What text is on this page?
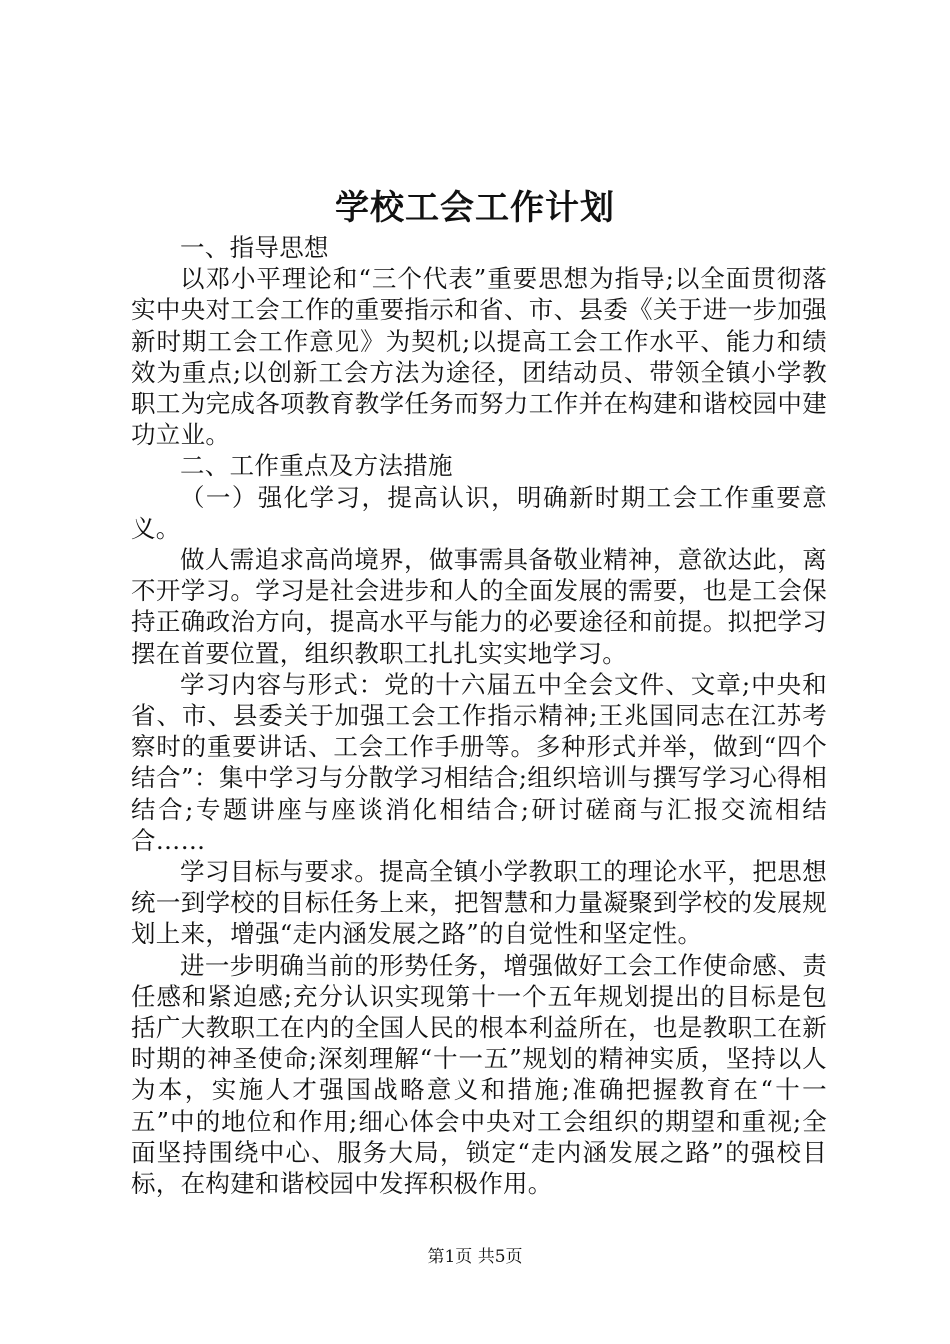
学校工会工作计划

一、指导思想

以邓小平理论和“三个代表”重要思想为指导;以全面贯彻落实中央对工会工作的重要指示和省、市、县委《关于进一步加强新时期工会工作意见》为契机;以提高工会工作水平、能力和绩效为重点;以创新工会方法为途径，团结动员、带领全镇小学教职工为完成各项教育教学任务而努力工作并在构建和谐校园中建功立业。

二、工作重点及方法措施

（一）强化学习，提高认识，明确新时期工会工作重要意义。

做人需追求高尚境界，做事需具备敬业精神，意欲达此，离不开学习。学习是社会进步和人的全面发展的需要，也是工会保持正确政治方向，提高水平与能力的必要途径和前提。拟把学习摆在首要位置，组织教职工扎扎实实地学习。

学习内容与形式：党的十六届五中全会文件、文章;中央和省、市、县委关于加强工会工作指示精神;王兆国同志在江苏考察时的重要讲话、工会工作手册等。多种形式并举，做到“四个结合”：集中学习与分散学习相结合;组织培训与撰写学习心得相结合;专题讲座与座谈消化相结合;研讨磋商与汇报交流相结合……

学习目标与要求。提高全镇小学教职工的理论水平，把思想统一到学校的目标任务上来，把智慧和力量凝聚到学校的发展规划上来，增强“走内涵发展之路”的自觉性和坚定性。

进一步明确当前的形势任务，增强做好工会工作使命感、责任感和紧迫感;充分认识实现第十一个五年规划提出的目标是包括广大教职工在内的全国人民的根本利益所在，也是教职工在新时期的神圣使命;深刻理解“十一五”规划的精神实质，坚持以人为本，实施人才强国战略意义和措施;准确把握教育在“十一五”中的地位和作用;细心体会中央对工会组织的期望和重视;全面坚持围绕中心、服务大局，锁定“走内涵发展之路”的强校目标，在构建和谐校园中发挥积极作用。

第1页 共5页
